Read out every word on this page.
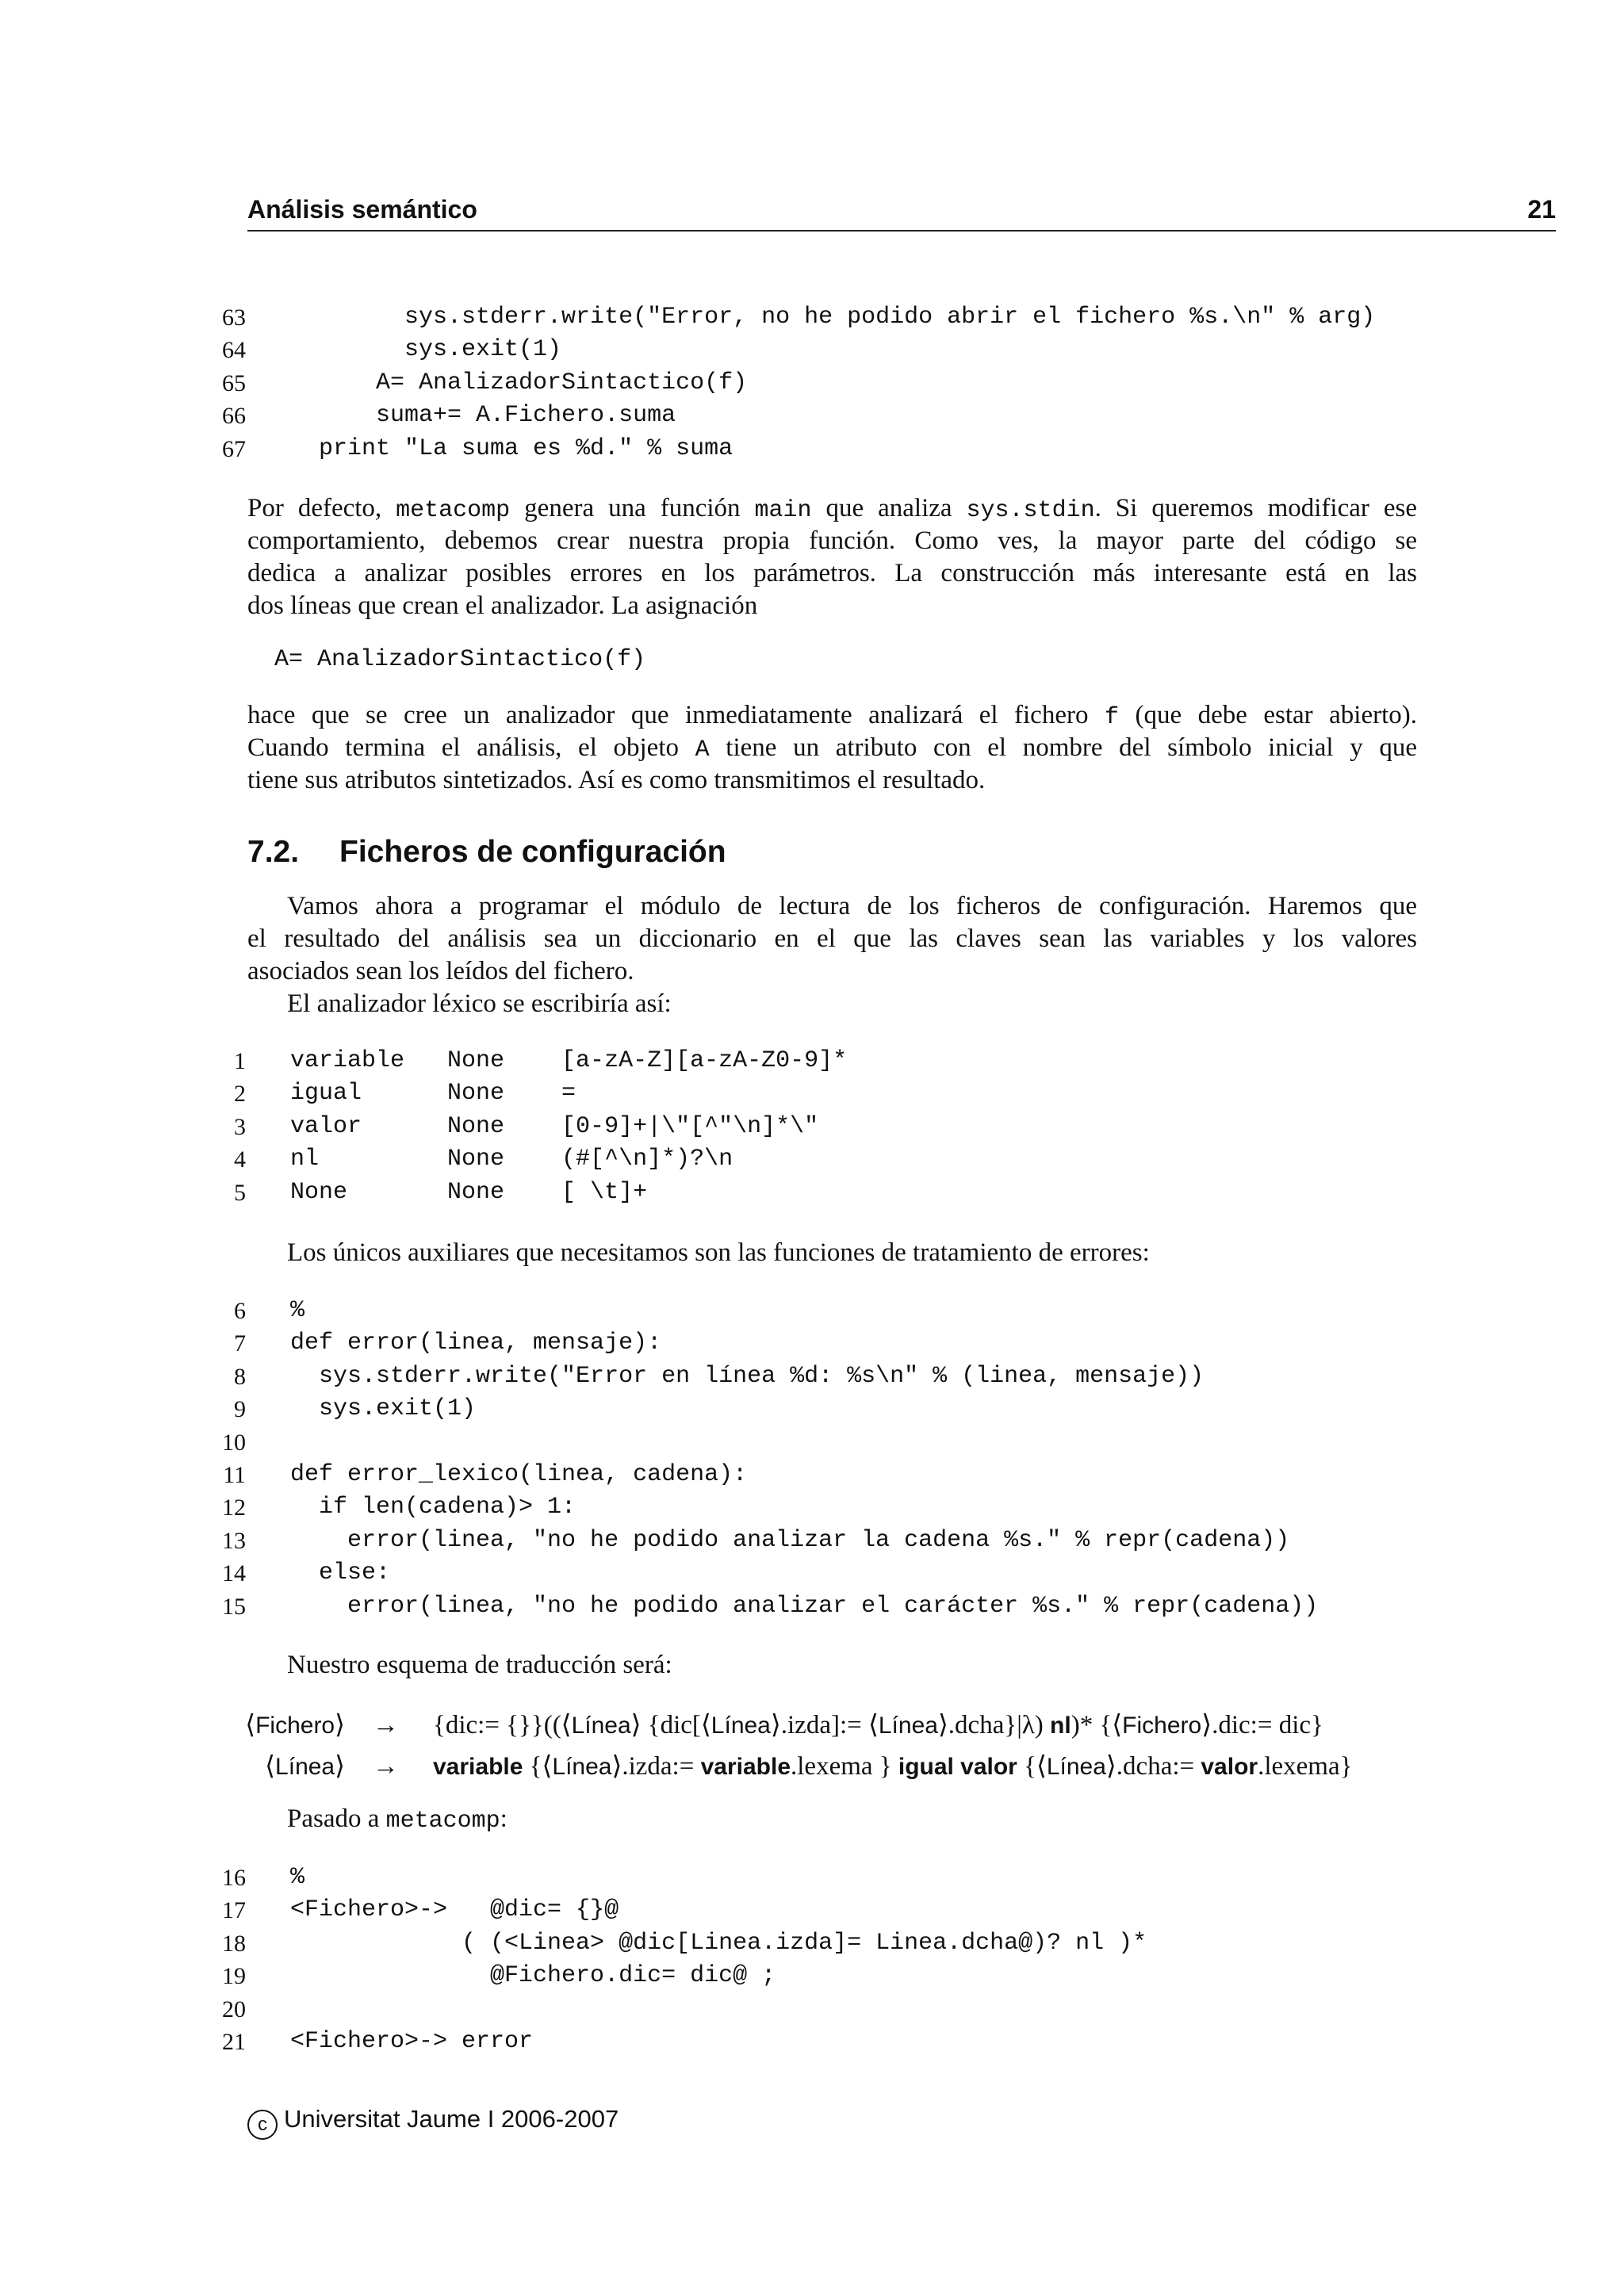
Análisis semántico	21
63 sys.stderr.write("Error, no he podido abrir el fichero %s.\n" % arg)
64 sys.exit(1)
65 A= AnalizadorSintactico(f)
66 suma+= A.Fichero.suma
67 print "La suma es %d." % suma
Por defecto, metacomp genera una función main que analiza sys.stdin. Si queremos modificar ese
comportamiento, debemos crear nuestra propia función. Como ves, la mayor parte del código se
dedica a analizar posibles errores en los parámetros. La construcción más interesante está en las
dos líneas que crean el analizador. La asignación
A= AnalizadorSintactico(f)
hace que se cree un analizador que inmediatamente analizará el fichero f (que debe estar abierto).
Cuando termina el análisis, el objeto A tiene un atributo con el nombre del símbolo inicial y que
tiene sus atributos sintetizados. Así es como transmitimos el resultado.
7.2. Ficheros de configuración
Vamos ahora a programar el módulo de lectura de los ficheros de configuración. Haremos que
el resultado del análisis sea un diccionario en el que las claves sean las variables y los valores
asociados sean los leídos del fichero.
El analizador léxico se escribiría así:
1 variable   None    [a-zA-Z][a-zA-Z0-9]*
2 igual      None    =
3 valor      None    [0-9]+|\"[^"\n]*\"
4 nl         None    (#[^\n]*)?\n
5 None       None    [ \t]+
Los únicos auxiliares que necesitamos son las funciones de tratamiento de errores:
6 %
7 def error(linea, mensaje):
8 sys.stderr.write("Error en línea %d: %s\n" % (linea, mensaje))
9 sys.exit(1)
10
11 def error_lexico(linea, cadena):
12 if len(cadena)> 1:
13 error(linea, "no he podido analizar la cadena %s." % repr(cadena))
14 else:
15 error(linea, "no he podido analizar el carácter %s." % repr(cadena))
Nuestro esquema de traducción será:
⟨Fichero⟩ → {dic:= {}}((⟨Línea⟩ {dic[⟨Línea⟩.izda]:= ⟨Línea⟩.dcha}|λ) nl)* {⟨Fichero⟩.dic:= dic}
⟨Línea⟩ → variable {⟨Línea⟩.izda:= variable.lexema } igual valor {⟨Línea⟩.dcha:= valor.lexema}
Pasado a metacomp:
16 %
17 <Fichero>->   @dic= {}@
18 ( (<Linea> @dic[Linea.izda]= Linea.dcha@)? nl )*
19 @Fichero.dic= dic@ ;
20
21 <Fichero>-> error
c Universitat Jaume I 2006-2007
